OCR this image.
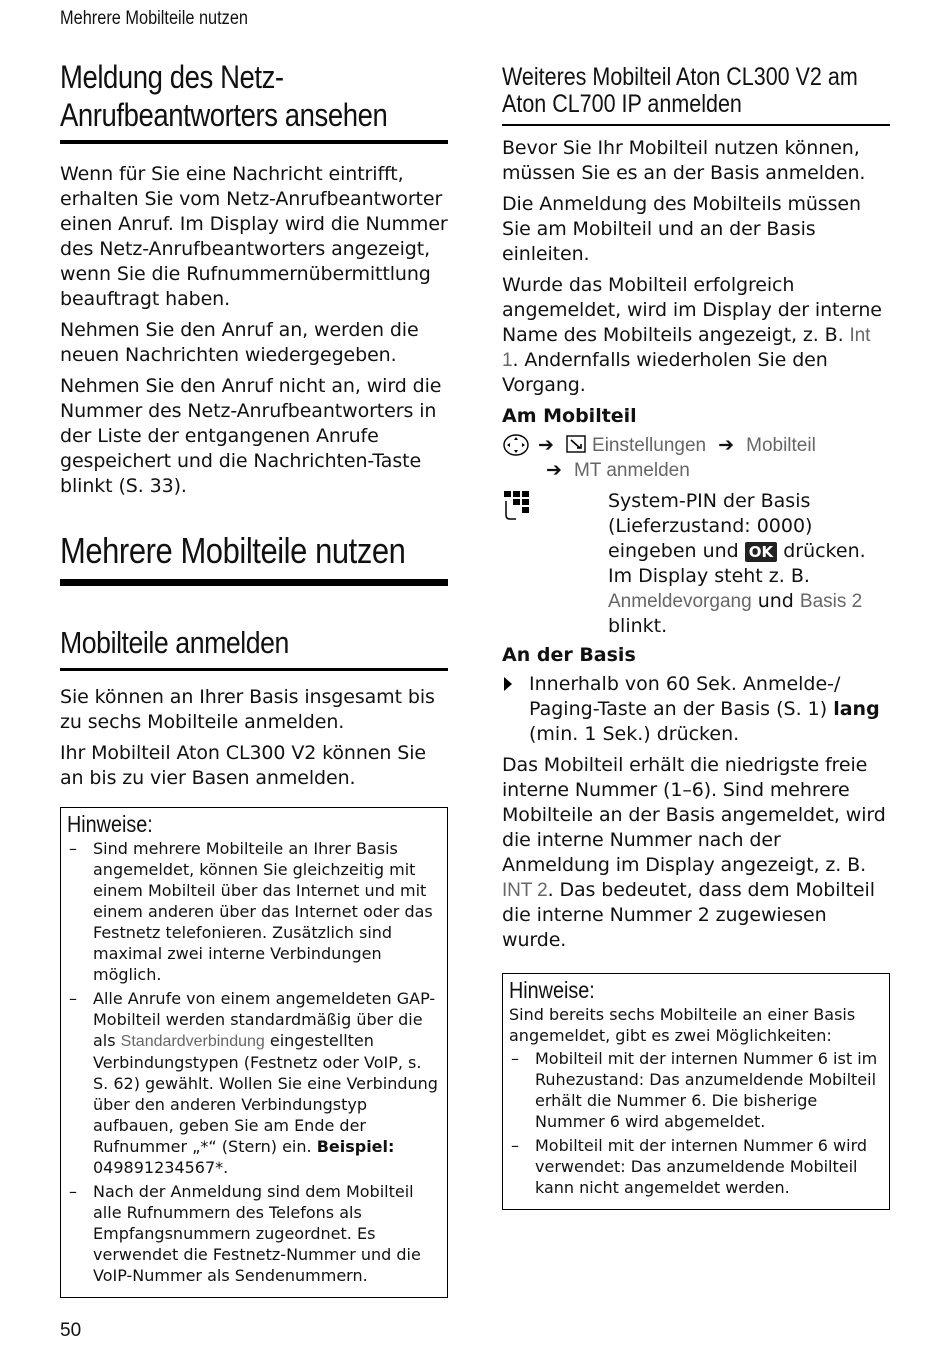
Mehrere Mobilteile nutzen
Meldung des Netz-
Anrufbeantworters ansehen

Wenn für Sie eine Nachricht eintrifft, erhalten Sie vom Netz-Anrufbeantworter einen Anruf. Im Display wird die Nummer des Netz-Anrufbeantworters angezeigt, wenn Sie die Rufnummernübermittlung beauftragt haben.

Nehmen Sie den Anruf an, werden die neuen Nachrichten wiedergegeben.

Nehmen Sie den Anruf nicht an, wird die Nummer des Netz-Anrufbeantworters in der Liste der entgangenen Anrufe gespeichert und die Nachrichten-Taste blinkt (S. 33).

Mehrere Mobilteile nutzen
Mobilteile anmelden

Sie können an Ihrer Basis insgesamt bis zu sechs Mobilteile anmelden.

Ihr Mobilteil Aton CL300 V2 können Sie an bis zu vier Basen anmelden.

Hinweise:
– Sind mehrere Mobilteile an Ihrer Basis angemeldet, können Sie gleichzeitig mit einem Mobilteil über das Internet und mit einem anderen über das Internet oder das Festnetz telefonieren. Zusätzlich sind maximal zwei interne Verbindungen möglich.
– Alle Anrufe von einem angemeldeten GAP-Mobilteil werden standardmäßig über die als Standardverbindung eingestellten Verbindungstypen (Festnetz oder VoIP, s. S. 62) gewählt. Wollen Sie eine Verbindung über den anderen Verbindungstyp aufbauen, geben Sie am Ende der Rufnummer „*“ (Stern) ein. Beispiel: 049891234567*.
– Nach der Anmeldung sind dem Mobilteil alle Rufnummern des Telefons als Empfangsnummern zugeordnet. Es verwendet die Festnetz-Nummer und die VoIP-Nummer als Sendenummern.
Weiteres Mobilteil Aton CL300 V2 am
Aton CL700 IP anmelden

Bevor Sie Ihr Mobilteil nutzen können, müssen Sie es an der Basis anmelden.

Die Anmeldung des Mobilteils müssen Sie am Mobilteil und an der Basis einleiten.

Wurde das Mobilteil erfolgreich angemeldet, wird im Display der interne Name des Mobilteils angezeigt, z. B. Int 1. Andernfalls wiederholen Sie den Vorgang.

Am Mobilteil
➔ Einstellungen ➔ Mobilteil
➔ MT anmelden
System-PIN der Basis (Lieferzustand: 0000) eingeben und OK drücken. Im Display steht z. B. Anmeldevorgang und Basis 2 blinkt.
An der Basis
Innerhalb von 60 Sek. Anmelde-/ Paging-Taste an der Basis (S. 1) lang (min. 1 Sek.) drücken.

Das Mobilteil erhält die niedrigste freie interne Nummer (1–6). Sind mehrere Mobilteile an der Basis angemeldet, wird die interne Nummer nach der Anmeldung im Display angezeigt, z. B. INT 2. Das bedeutet, dass dem Mobilteil die interne Nummer 2 zugewiesen wurde.

Hinweise:

Sind bereits sechs Mobilteile an einer Basis angemeldet, gibt es zwei Möglichkeiten:

– Mobilteil mit der internen Nummer 6 ist im Ruhezustand: Das anzumeldende Mobilteil erhält die Nummer 6. Die bisherige Nummer 6 wird abgemeldet.
– Mobilteil mit der internen Nummer 6 wird verwendet: Das anzumeldende Mobilteil kann nicht angemeldet werden.
50
